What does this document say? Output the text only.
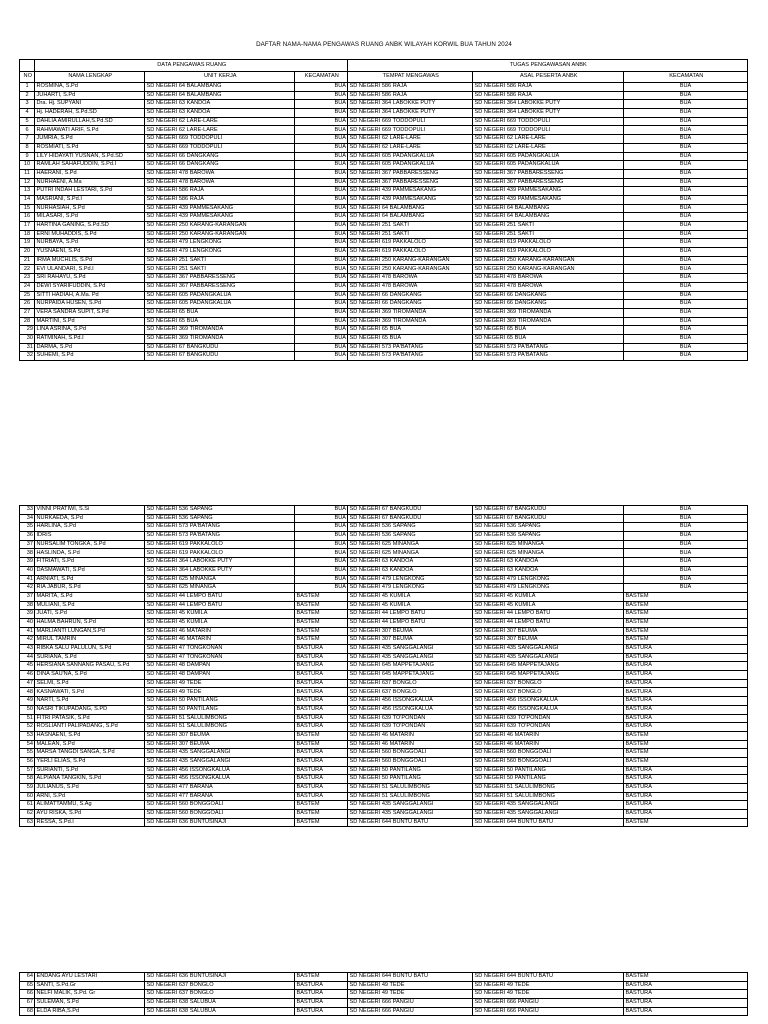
DAFTAR NAMA-NAMA PENGAWAS RUANG ANBK WILAYAH KORWIL BUA TAHUN 2024
	DATA PENGAWAS RUANG			TUGAS PENGAWASAN ANBK		
NO	NAMA LENGKAP	UNIT KERJA	KECAMATAN	TEMPAT MENGAWAS	ASAL PESERTA ANBK	KECAMATAN
1	ROSMINA, S.Pd	SD NEGERI 64 BALAMBANG	BUA	SD NEGERI 586 RAJA	SD NEGERI 586 RAJA	BUA
2	JUHARTI, S.Pd	SD NEGERI 64 BALAMBANG	BUA	SD NEGERI 586 RAJA	SD NEGERI 586 RAJA	BUA
3	Dra. Hj. SUPYANI	SD NEGERI 63 KANDOA	BUA	SD NEGERI 364 LABOKKE PUTY	SD NEGERI 364 LABOKKE PUTY	BUA
4	Hj. HADERAH, S.Pd.SD	SD NEGERI 63 KANDOA	BUA	SD NEGERI 364 LABOKKE PUTY	SD NEGERI 364 LABOKKE PUTY	BUA
5	DAHLIA AMIRULLAH,S.Pd.SD	SD NEGERI 62 LARE-LARE	BUA	SD NEGERI 669 TODDOPULI	SD NEGERI 669 TODDOPULI	BUA
6	RAHMAWATI ARIF, S.Pd	SD NEGERI 62 LARE-LARE	BUA	SD NEGERI 669 TODDOPULI	SD NEGERI 669 TODDOPULI	BUA
7	JUMRIA, S.Pd	SD NEGERI 669 TODDOPULI	BUA	SD NEGERI 62 LARE-LARE	SD NEGERI 62 LARE-LARE	BUA
8	ROSMIATI, S.Pd	SD NEGERI 669 TODDOPULI	BUA	SD NEGERI 62 LARE-LARE	SD NEGERI 62 LARE-LARE	BUA
9	LILY HIDAYATI YUSNAN, S.Pd.SD	SD NEGERI 66 DANGKANG	BUA	SD NEGERI 605 PADANGKALUA	SD NEGERI 605 PADANGKALUA	BUA
10	RAMLAH SAHAFUDDIN, S.Pd.I	SD NEGERI 66 DANGKANG	BUA	SD NEGERI 605 PADANGKALUA	SD NEGERI 605 PADANGKALUA	BUA
11	HAERANI, S.Pd	SD NEGERI 478 BAROWA	BUA	SD NEGERI 367 PABBARESSENG	SD NEGERI 367 PABBARESSENG	BUA
12	NURHAENI, A.Ma	SD NEGERI 478 BAROWA	BUA	SD NEGERI 367 PABBARESSENG	SD NEGERI 367 PABBARESSENG	BUA
13	PUTRI INDAH LESTARI, S.Pd	SD NEGERI 586 RAJA	BUA	SD NEGERI 439 PAMMESAKANG	SD NEGERI 439 PAMMESAKANG	BUA
14	MASRIANI, S.Pd.I	SD NEGERI 586 RAJA	BUA	SD NEGERI 439 PAMMESAKANG	SD NEGERI 439 PAMMESAKANG	BUA
15	NURHASIAH, S.Pd	SD NEGERI 439 PAMMESAKANG	BUA	SD NEGERI 64 BALAMBANG	SD NEGERI 64 BALAMBANG	BUA
16	MILASARI, S.Pd	SD NEGERI 439 PAMMESAKANG	BUA	SD NEGERI 64 BALAMBANG	SD NEGERI 64 BALAMBANG	BUA
17	HARTINA GANING, S.Pd.SD	SD NEGERI 250 KARANG-KARANGAN	BUA	SD NEGERI 251 SAKTI	SD NEGERI 251 SAKTI	BUA
18	ERNI MUHADDIS, S.Pd	SD NEGERI 250 KARANG-KARANGAN	BUA	SD NEGERI 251 SAKTI	SD NEGERI 251 SAKTI	BUA
19	NURBAYA, S.Pd	SD NEGERI 479 LENGKONG	BUA	SD NEGERI 619 PAKKALOLO	SD NEGERI 619 PAKKALOLO	BUA
20	YUSNAENI, S.Pd	SD NEGERI 479 LENGKONG	BUA	SD NEGERI 619 PAKKALOLO	SD NEGERI 619 PAKKALOLO	BUA
21	IRMA MUCHLIS, S.Pd	SD NEGERI 251 SAKTI	BUA	SD NEGERI 250 KARANG-KARANGAN	SD NEGERI 250 KARANG-KARANGAN	BUA
22	EVI ULANDARI, S.Pd.I	SD NEGERI 251 SAKTI	BUA	SD NEGERI 250 KARANG-KARANGAN	SD NEGERI 250 KARANG-KARANGAN	BUA
23	SRI RAHAYU, S.Pd	SD NEGERI 367 PABBARESSENG	BUA	SD NEGERI 478 BAROWA	SD NEGERI 478 BAROWA	BUA
24	DEWI SYARIFUDDIN, S.Pd	SD NEGERI 367 PABBARESSENG	BUA	SD NEGERI 478 BAROWA	SD NEGERI 478 BAROWA	BUA
25	SITTI HADIAH, A.Ma. Pd	SD NEGERI 605 PADANGKALUA	BUA	SD NEGERI 66 DANGKANG	SD NEGERI 66 DANGKANG	BUA
26	NURPAIDA HUSEN, S.Pd	SD NEGERI 605 PADANGKALUA	BUA	SD NEGERI 66 DANGKANG	SD NEGERI 66 DANGKANG	BUA
27	VERA SANDRA SUPIT, S.Pd	SD NEGERI 65 BUA	BUA	SD NEGERI 369 TIROMANDA	SD NEGERI 369 TIROMANDA	BUA
28	MARTINI, S.Pd	SD NEGERI 65 BUA	BUA	SD NEGERI 369 TIROMANDA	SD NEGERI 369 TIROMANDA	BUA
29	LINA ASRINA, S.Pd	SD NEGERI 369 TIROMANDA	BUA	SD NEGERI 65 BUA	SD NEGERI 65 BUA	BUA
30	RATMINAH, S.Pd.I	SD NEGERI 369 TIROMANDA	BUA	SD NEGERI 65 BUA	SD NEGERI 65 BUA	BUA
31	DARMA, S.Pd	SD NEGERI 67 BANGKUDU	BUA	SD NEGERI 573 PA'BATANG	SD NEGERI 573 PA'BATANG	BUA
32	SUHEMI, S.Pd	SD NEGERI 67 BANGKUDU	BUA	SD NEGERI 573 PA'BATANG	SD NEGERI 573 PA'BATANG	BUA
33	VINNI PRATIWI, S.Si	SD NEGERI 536 SAPANG	BUA	SD NEGERI 67 BANGKUDU	SD NEGERI 67 BANGKUDU	BUA
34	NURKAEDA, S.Pd	SD NEGERI 536 SAPANG	BUA	SD NEGERI 67 BANGKUDU	SD NEGERI 67 BANGKUDU	BUA
35	HARLINA, S.Pd	SD NEGERI 573 PA'BATANG	BUA	SD NEGERI 536 SAPANG	SD NEGERI 536 SAPANG	BUA
36	IDRIS	SD NEGERI 573 PA'BATANG	BUA	SD NEGERI 536 SAPANG	SD NEGERI 536 SAPANG	BUA
37	NURSALIM TONGKA, S.Pd	SD NEGERI 619 PAKKALOLO	BUA	SD NEGERI 625 MINANGA	SD NEGERI 625 MINANGA	BUA
38	HASLINDA, S.Pd	SD NEGERI 619 PAKKALOLO	BUA	SD NEGERI 625 MINANGA	SD NEGERI 625 MINANGA	BUA
39	FITRIATI, S.Pd	SD NEGERI 364 LABOKKE PUTY	BUA	SD NEGERI 63 KANDOA	SD NEGERI 63 KANDOA	BUA
40	DASMAWATI, S.Pd	SD NEGERI 364 LABOKKE PUTY	BUA	SD NEGERI 63 KANDOA	SD NEGERI 63 KANDOA	BUA
41	ARNIATI, S.Pd	SD NEGERI 625 MINANGA	BUA	SD NEGERI 479 LENGKONG	SD NEGERI 479 LENGKONG	BUA
42	RIA JABUR, S.Pd	SD NEGERI 625 MINANGA	BUA	SD NEGERI 479 LENGKONG	SD NEGERI 479 LENGKONG	BUA
37	MARITA, S.Pd	SD NEGERI 44 LEMPO BATU	BASTEM	SD NEGERI 45 KUMILA	SD NEGERI 45 KUMILA	BASTEM
38	MULIANI, S.Pd	SD NEGERI 44 LEMPO BATU	BASTEM	SD NEGERI 45 KUMILA	SD NEGERI 45 KUMILA	BASTEM
39	JUATI, S.Pd	SD NEGERI 45 KUMILA	BASTEM	SD NEGERI 44 LEMPO BATU	SD NEGERI 44 LEMPO BATU	BASTEM
40	HALMA BAHRUN, S.Pd	SD NEGERI 45 KUMILA	BASTEM	SD NEGERI 44 LEMPO BATU	SD NEGERI 44 LEMPO BATU	BASTEM
41	MARLIANTI LUNGAN,S.Pd	SD NEGERI 46 MATARIN	BASTEM	SD NEGERI 307 BEUMA	SD NEGERI 307 BEUMA	BASTEM
42	MIRUL TAMRIN	SD NEGERI 46 MATARIN	BASTEM	SD NEGERI 307 BEUMA	SD NEGERI 307 BEUMA	BASTEM
43	RIBKA SALU PALULUN, S.Pd	SD NEGERI 47 TONGKONAN	BASTURA	SD NEGERI 435 SANGGALANGI	SD NEGERI 435 SANGGALANGI	BASTURA
44	SURIANA, S.Pd	SD NEGERI 47 TONGKONAN	BASTURA	SD NEGERI 435 SANGGALANGI	SD NEGERI 435 SANGGALANGI	BASTURA
45	HERSIANA SANNANG PASAU, S.Pd	SD NEGERI 48 DAMPAN	BASTURA	SD NEGERI 645 MAPPETAJANG	SD NEGERI 645 MAPPETAJANG	BASTURA
46	DINA SAU'NA, S.Pd	SD NEGERI 48 DAMPAN	BASTURA	SD NEGERI 645 MAPPETAJANG	SD NEGERI 645 MAPPETAJANG	BASTURA
47	SELMI, S.Pd	SD NEGERI 49 TEDE	BASTURA	SD NEGERI 637 BONGLO	SD NEGERI 637 BONGLO	BASTURA
48	KASNAWATI, S.Pd	SD NEGERI 49 TEDE	BASTURA	SD NEGERI 637 BONGLO	SD NEGERI 637 BONGLO	BASTURA
49	NARTI, S.Pd	SD NEGERI 50 PANTILANG	BASTURA	SD NEGERI 456 ISSONGKALUA	SD NEGERI 456 ISSONGKALUA	BASTURA
50	NASRI TIKUPADANG, S.PD	SD NEGERI 50 PANTILANG	BASTURA	SD NEGERI 456 ISSONGKALUA	SD NEGERI 456 ISSONGKALUA	BASTURA
51	FITRI PATASIK, S.Pd	SD NEGERI 51 SALULIMBONG	BASTURA	SD NEGERI 639 TO'PONDAN	SD NEGERI 639 TO'PONDAN	BASTURA
52	ROSLIANTI PALIPADANG, S.Pd	SD NEGERI 51 SALULIMBONG	BASTURA	SD NEGERI 639 TO'PONDAN	SD NEGERI 639 TO'PONDAN	BASTURA
53	HASNAENI, S.Pd	SD NEGERI 307 BEUMA	BASTEM	SD NEGERI 46 MATARIN	SD NEGERI 46 MATARIN	BASTEM
54	MALEAN, S.Pd	SD NEGERI 307 BEUMA	BASTEM	SD NEGERI 46 MATARIN	SD NEGERI 46 MATARIN	BASTEM
55	MARSA TANGDI SANGA, S.Pd	SD NEGERI 435 SANGGALANGI	BASTURA	SD NEGERI 560 BONGGOALI	SD NEGERI 560 BONGGOALI	BASTEM
56	YERLI ELIAS, S.Pd	SD NEGERI 435 SANGGALANGI	BASTURA	SD NEGERI 560 BONGGOALI	SD NEGERI 560 BONGGOALI	BASTEM
57	SURIANTI, S.Pd	SD NEGERI 456 ISSONGKALUA	BASTURA	SD NEGERI 50 PANTILANG	SD NEGERI 50 PANTILANG	BASTURA
58	ALPIANA TANGKIN, S.Pd	SD NEGERI 456 ISSONGKALUA	BASTURA	SD NEGERI 50 PANTILANG	SD NEGERI 50 PANTILANG	BASTURA
59	JULIANUS, S.Pd	SD NEGERI 477 BARANA	BASTURA	SD NEGERI 51 SALULIMBONG	SD NEGERI 51 SALULIMBONG	BASTURA
60	ARNI, S.Pd	SD NEGERI 477 BARANA	BASTURA	SD NEGERI 51 SALULIMBONG	SD NEGERI 51 SALULIMBONG	BASTURA
61	ALIMATTAMMU, S.Ag	SD NEGERI 560 BONGGOALI	BASTEM	SD NEGERI 435 SANGGALANGI	SD NEGERI 435 SANGGALANGI	BASTURA
62	AYU RISKA, S.Pd	SD NEGERI 560 BONGGOALI	BASTEM	SD NEGERI 435 SANGGALANGI	SD NEGERI 435 SANGGALANGI	BASTURA
63	RESSA, S.Pd.I	SD NEGERI 636 BUNTUSINAJI	BASTEM	SD NEGERI 644 BUNTU BATU	SD NEGERI 644 BUNTU BATU	BASTEM
64	ENDANG AYU LESTARI	SD NEGERI 636 BUNTUSINAJI	BASTEM	SD NEGERI 644 BUNTU BATU	SD NEGERI 644 BUNTU BATU	BASTEM
65	SANTI, S.Pd.Gr	SD NEGERI 637 BONGLO	BASTURA	SD NEGERI 49 TEDE	SD NEGERI 49 TEDE	BASTURA
66	NELFI MALIK, S.Pd. Gr	SD NEGERI 637 BONGLO	BASTURA	SD NEGERI 49 TEDE	SD NEGERI 49 TEDE	BASTURA
67	SULEMAN, S.Pd	SD NEGERI 638 SALUBUA	BASTURA	SD NEGERI 666 PANGIU	SD NEGERI 666 PANGIU	BASTURA
68	ELDA RIBA,S.Pd	SD NEGERI 638 SALUBUA	BASTURA	SD NEGERI 666 PANGIU	SD NEGERI 666 PANGIU	BASTURA
